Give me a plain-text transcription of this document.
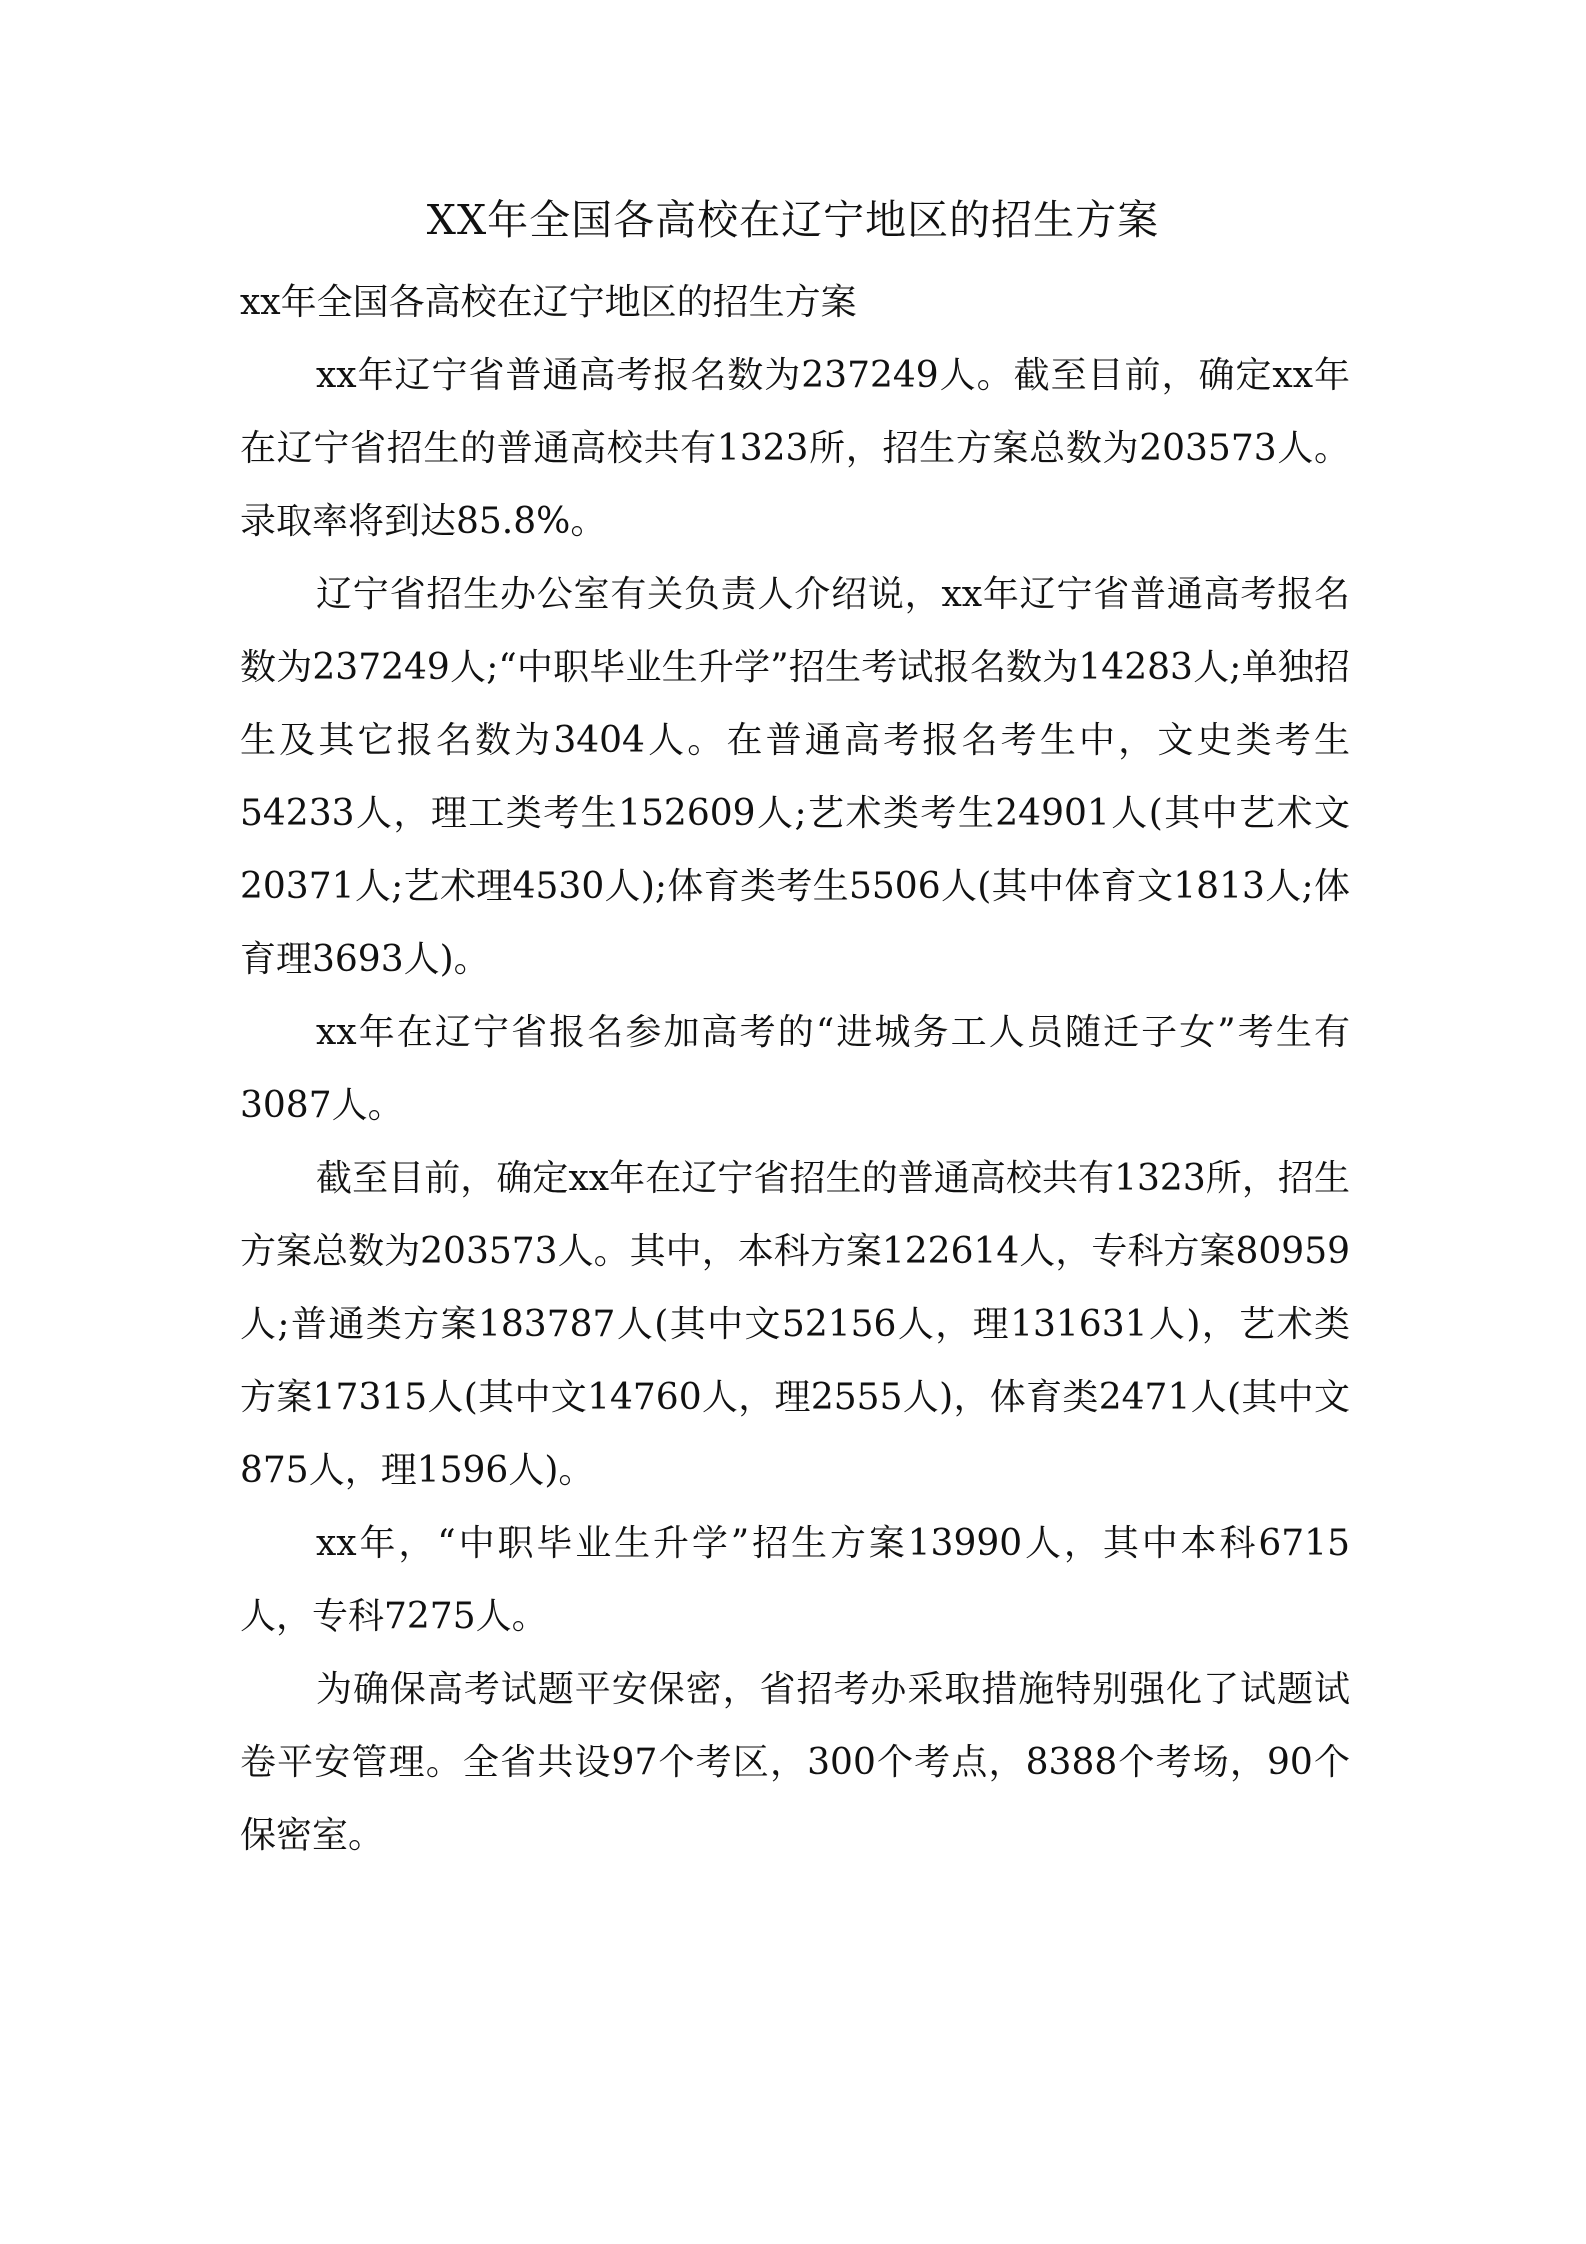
XX年全国各高校在辽宁地区的招生方案

xx年全国各高校在辽宁地区的招生方案

xx年辽宁省普通高考报名数为237249人。截至目前，确定xx年在辽宁省招生的普通高校共有1323所，招生方案总数为203573人。录取率将到达85.8%。

辽宁省招生办公室有关负责人介绍说，xx年辽宁省普通高考报名数为237249人;“中职毕业生升学”招生考试报名数为14283人;单独招生及其它报名数为3404人。在普通高考报名考生中，文史类考生54233人，理工类考生152609人;艺术类考生24901人(其中艺术文20371人;艺术理4530人);体育类考生5506人(其中体育文1813人;体育理3693人)。

xx年在辽宁省报名参加高考的“进城务工人员随迁子女”考生有3087人。

截至目前，确定xx年在辽宁省招生的普通高校共有1323所，招生方案总数为203573人。其中，本科方案122614人，专科方案80959人;普通类方案183787人(其中文52156人，理131631人)，艺术类方案17315人(其中文14760人，理2555人)，体育类2471人(其中文875人，理1596人)。

xx年，“中职毕业生升学”招生方案13990人，其中本科6715人，专科7275人。

为确保高考试题平安保密，省招考办采取措施特别强化了试题试卷平安管理。全省共设97个考区，300个考点，8388个考场，90个保密室。
